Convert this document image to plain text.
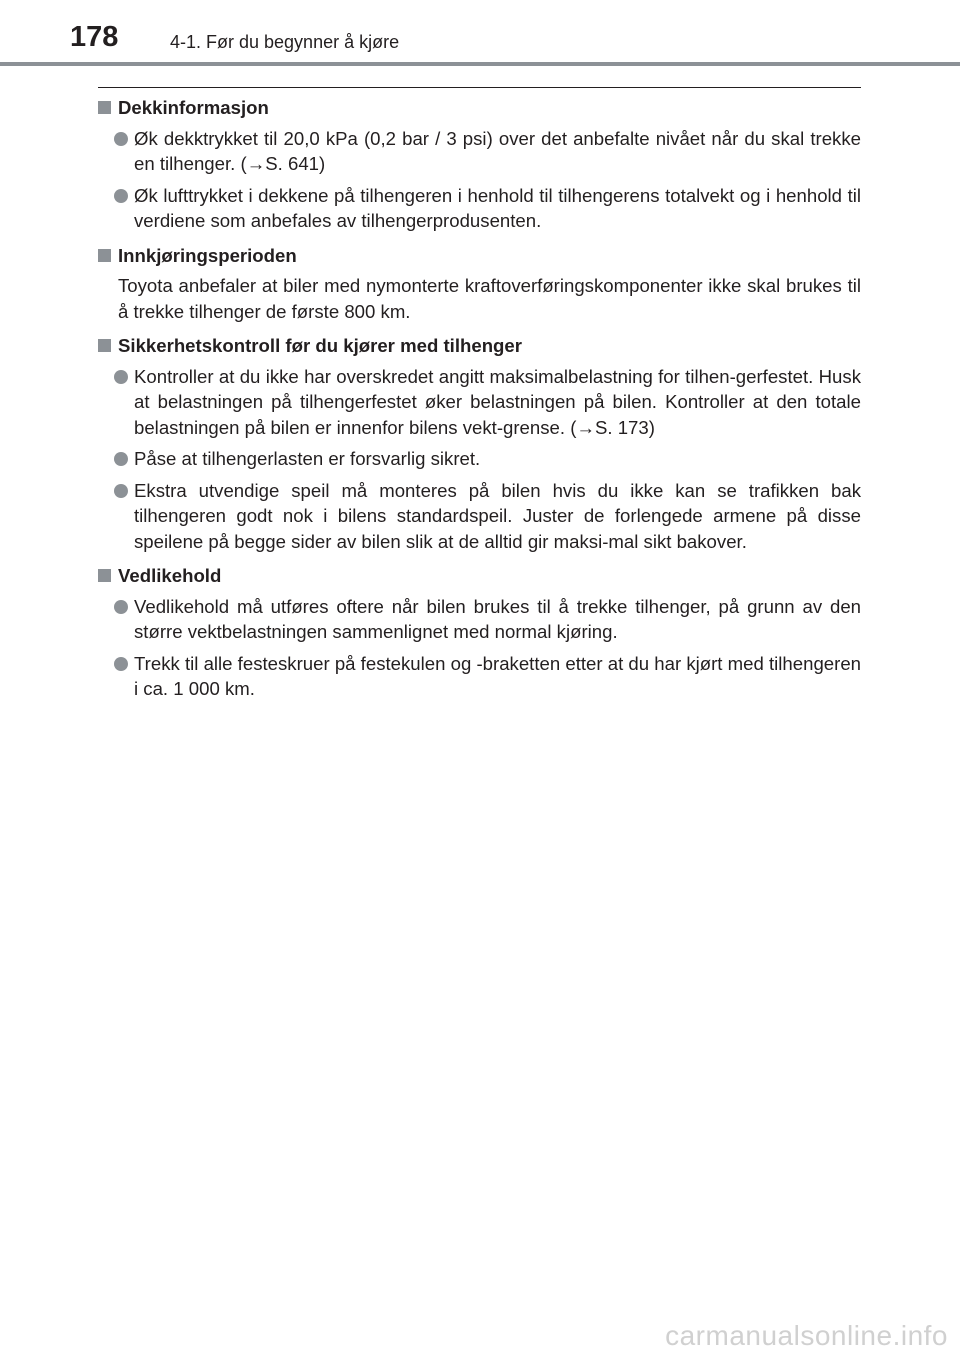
178	4-1. Før du begynner å kjøre
Dekkinformasjon
Øk dekktrykket til 20,0 kPa (0,2 bar / 3 psi) over det anbefalte nivået når du skal trekke en tilhenger. (→S. 641)
Øk lufttrykket i dekkene på tilhengeren i henhold til tilhengerens totalvekt og i henhold til verdiene som anbefales av tilhengerprodusenten.
Innkjøringsperioden
Toyota anbefaler at biler med nymonterte kraftoverføringskomponenter ikke skal brukes til å trekke tilhenger de første 800 km.
Sikkerhetskontroll før du kjører med tilhenger
Kontroller at du ikke har overskredet angitt maksimalbelastning for tilhen-gerfestet. Husk at belastningen på tilhengerfestet øker belastningen på bilen. Kontroller at den totale belastningen på bilen er innenfor bilens vekt-grense. (→S. 173)
Påse at tilhengerlasten er forsvarlig sikret.
Ekstra utvendige speil må monteres på bilen hvis du ikke kan se trafikken bak tilhengeren godt nok i bilens standardspeil. Juster de forlengede armene på disse speilene på begge sider av bilen slik at de alltid gir maksi-mal sikt bakover.
Vedlikehold
Vedlikehold må utføres oftere når bilen brukes til å trekke tilhenger, på grunn av den større vektbelastningen sammenlignet med normal kjøring.
Trekk til alle festeskruer på festekulen og -braketten etter at du har kjørt med tilhengeren i ca. 1 000 km.
carmanualsonline.info
